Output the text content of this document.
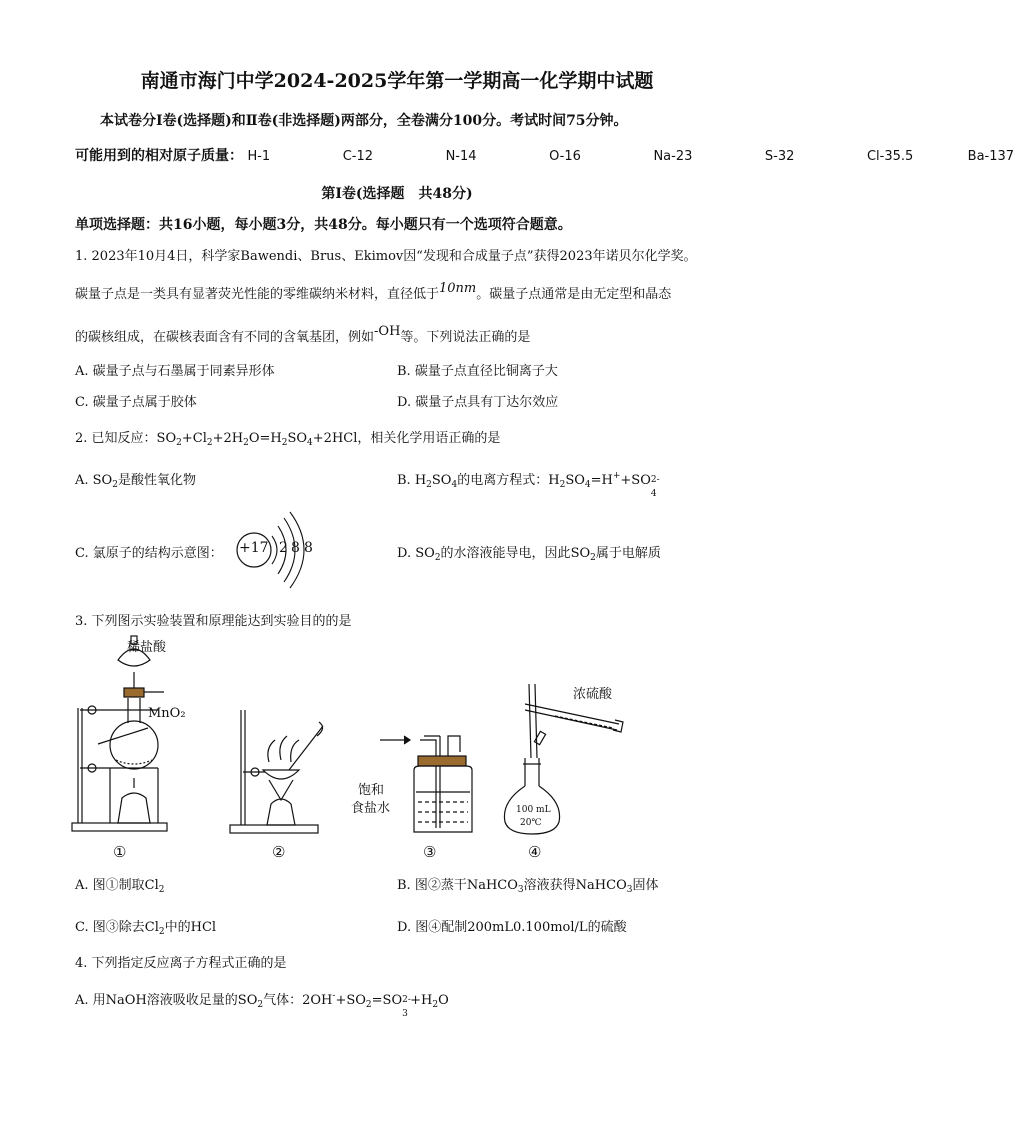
南通市海门中学2024-2025学年第一学期高一化学期中试题
本试卷分Ⅰ卷(选择题)和Ⅱ卷(非选择题)两部分，全卷满分100分。考试时间75分钟。
可能用到的相对原子质量： H-1	C-12	N-14	O-16	Na-23	S-32	Cl-35.5	Ba-137
第Ⅰ卷(选择题　共48分)
单项选择题：共16小题，每小题3分，共48分。每小题只有一个选项符合题意。
1. 2023年10月4日，科学家Bawendi、Brus、Ekimov因“发现和合成量子点”获得2023年诺贝尔化学奖。
碳量子点是一类具有显著荧光性能的零维碳纳米材料，直径低于10nm。碳量子点通常是由无定型和晶态
的碳核组成，在碳核表面含有不同的含氧基团，例如-OH等。下列说法正确的是
A. 碳量子点与石墨属于同素异形体	B. 碳量子点直径比铜离子大
C. 碳量子点属于胶体	D. 碳量子点具有丁达尔效应
2. 已知反应：$SO_2+Cl_2+2H_2O=H_2SO_4+2HCl$，相关化学用语正确的是
A. $SO_2$是酸性氧化物	B. $H_2SO_4$的电离方程式：$H_2SO_4=H^++SO$ 2-
4
C. 氯原子的结构示意图： +17 2 8 8	D. $SO_2$的水溶液能导电，因此$SO_2$属于电解质
3. 下列图示实验装置和原理能达到实验目的的是
稀盐酸
MnO₂
饱和
食盐水
浓硫酸
100 mL
20℃
①	②	③	④
A. 图①制取$Cl_2$	B. 图②蒸干NaHCO$_3$溶液获得NaHCO$_3$固体
C. 图③除去$Cl_2$中的HCl	D. 图④配制200mL0.100mol/L的硫酸
4. 下列指定反应离子方程式正确的是
A. 用NaOH溶液吸收足量的$SO_2$气体：$2OH^-+SO_2=SO$ 2-
3
$+H_2O$
